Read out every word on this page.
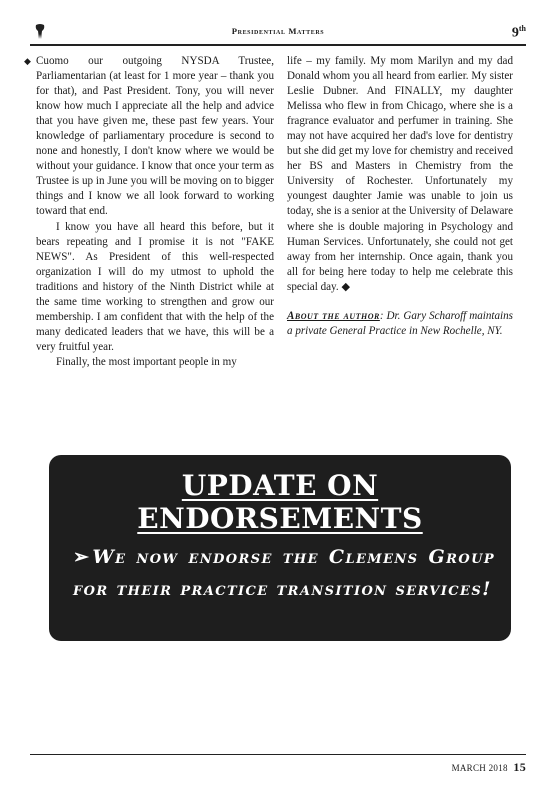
Presidential Matters	9th

◆ Cuomo our outgoing NYSDA Trustee, Parliamentarian (at least for 1 more year – thank you for that), and Past President. Tony, you will never know how much I appreciate all the help and advice that you have given me, these past few years. Your knowledge of parliamentary procedure is second to none and honestly, I don't know where we would be without your guidance. I know that once your term as Trustee is up in June you will be moving on to bigger things and I know we all look forward to working toward that end.

I know you have all heard this before, but it bears repeating and I promise it is not "FAKE NEWS". As President of this well-respected organization I will do my utmost to uphold the traditions and history of the Ninth District while at the same time working to strengthen and grow our membership. I am confident that with the help of the many dedicated leaders that we have, this will be a very fruitful year.

Finally, the most important people in my

life – my family. My mom Marilyn and my dad Donald whom you all heard from earlier. My sister Leslie Dubner. And FINALLY, my daughter Melissa who flew in from Chicago, where she is a fragrance evaluator and perfumer in training. She may not have acquired her dad's love for dentistry but she did get my love for chemistry and received her BS and Masters in Chemistry from the University of Rochester. Unfortunately my youngest daughter Jamie was unable to join us today, she is a senior at the University of Delaware where she is double majoring in Psychology and Human Services. Unfortunately, she could not get away from her internship. Once again, thank you all for being here today to help me celebrate this special day. ◆

About the author: Dr. Gary Scharoff maintains a private General Practice in New Rochelle, NY.

UPDATE ON ENDORSEMENTS
➢ We now endorse the Clemens Group for their practice transition services!
MARCH 2018 15
